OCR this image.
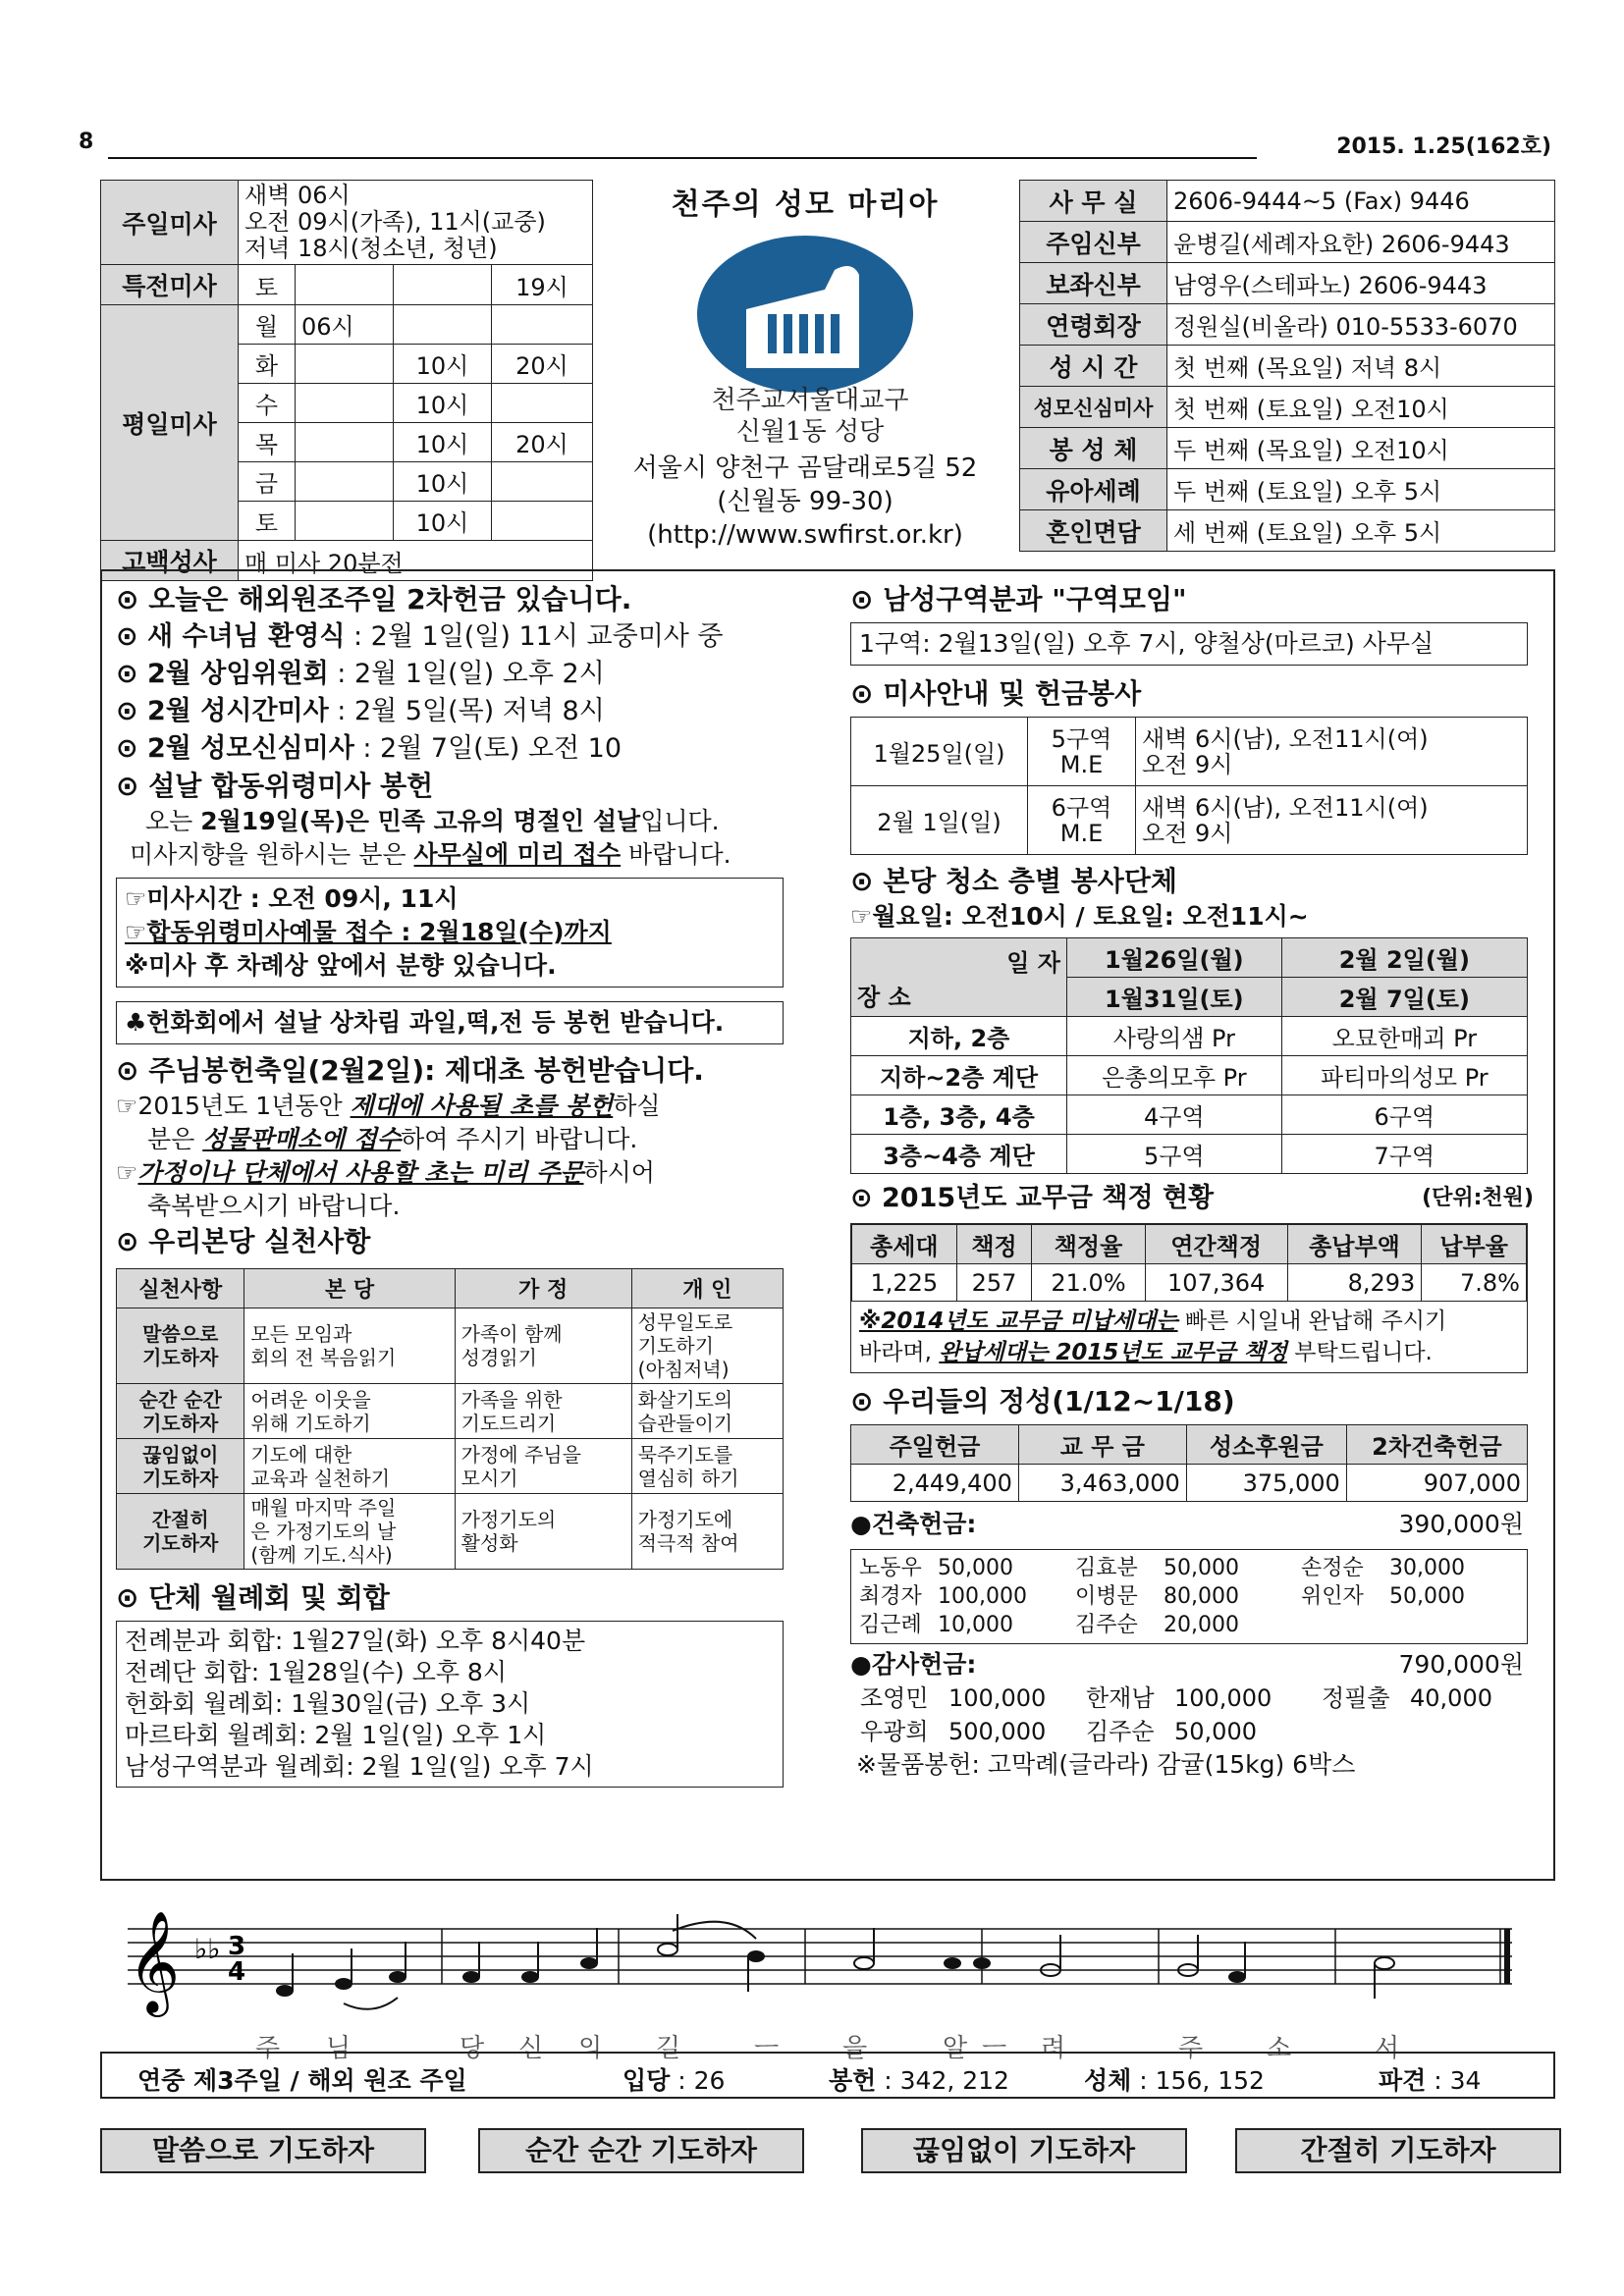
8	2015. 1.25(162호)
주일미사	새벽 06시
오전 09시(가족), 11시(교중)
저녁 18시(청소년, 청년)			

특전미사	토			19시
평일미사	월	06시		
	화		10시	20시
	수		10시	
	목		10시	20시
	금		10시	
	토		10시	
고백성사	매 미사 20분전			
천주의 성모 마리아
천주교서울대교구
신월1동 성당
서울시 양천구 곰달래로5길 52
(신월동 99-30)
(http://www.swfirst.or.kr)
사 무 실	2606-9444~5 (Fax) 9446
주임신부	윤병길(세례자요한) 2606-9443
보좌신부	남영우(스테파노) 2606-9443
연령회장	정원실(비올라) 010-5533-6070
성 시 간	첫 번째 (목요일) 저녁 8시
성모신심미사	첫 번째 (토요일) 오전10시
봉 성 체	두 번째 (목요일) 오전10시
유아세례	두 번째 (토요일) 오후 5시
혼인면담	세 번째 (토요일) 오후 5시
⊙ 오늘은 해외원조주일 2차헌금 있습니다.
⊙ 새 수녀님 환영식 : 2월 1일(일) 11시 교중미사 중
⊙ 2월 상임위원회 : 2월 1일(일) 오후 2시
⊙ 2월 성시간미사 : 2월 5일(목) 저녁 8시
⊙ 2월 성모신심미사 : 2월 7일(토) 오전 10
⊙ 설날 합동위령미사 봉헌
오는 2월19일(목)은 민족 고유의 명절인 설날입니다.
미사지향을 원하시는 분은 사무실에 미리 접수 바랍니다.
☞미사시간 : 오전 09시, 11시
☞합동위령미사예물 접수 : 2월18일(수)까지
※미사 후 차례상 앞에서 분향 있습니다.
♣헌화회에서 설날 상차림 과일,떡,전 등 봉헌 받습니다.
⊙ 주님봉헌축일(2월2일): 제대초 봉헌받습니다.
☞2015년도 1년동안 제대에 사용될 초를 봉헌하실
분은 성물판매소에 접수하여 주시기 바랍니다.
☞가정이나 단체에서 사용할 초는 미리 주문하시어
축복받으시기 바랍니다.
⊙ 우리본당 실천사항
실천사항	본 당	가 정	개 인
말씀으로
기도하자	모든 모임과
회의 전 복음읽기	가족이 함께
성경읽기	성무일도로
기도하기
(아침저녁)
순간 순간
기도하자	어려운 이웃을
위해 기도하기	가족을 위한
기도드리기	화살기도의
습관들이기
끊임없이
기도하자	기도에 대한
교육과 실천하기	가정에 주님을
모시기	묵주기도를
열심히 하기
간절히
기도하자	매월 마지막 주일
은 가정기도의 날
(함께 기도.식사)	가정기도의
활성화	가정기도에
적극적 참여
⊙ 단체 월례회 및 회합
전례분과 회합: 1월27일(화) 오후 8시40분
전례단 회합: 1월28일(수) 오후 8시
헌화회 월례회: 1월30일(금) 오후 3시
마르타회 월례회: 2월 1일(일) 오후 1시
남성구역분과 월례회: 2월 1일(일) 오후 7시
⊙ 남성구역분과 "구역모임"
1구역: 2월13일(일) 오후 7시, 양철상(마르코) 사무실
⊙ 미사안내 및 헌금봉사
1월25일(일)	5구역
M.E	새벽 6시(남), 오전11시(여)
오전 9시
2월 1일(일)	6구역
M.E	새벽 6시(남), 오전11시(여)
오전 9시
⊙ 본당 청소 층별 봉사단체
☞월요일: 오전10시 / 토요일: 오전11시~
일 자
장 소	1월26일(월)	2월 2일(월)
	1월31일(토)	2월 7일(토)
지하, 2층	사랑의샘 Pr	오묘한매괴 Pr
지하~2층 계단	은총의모후 Pr	파티마의성모 Pr
1층, 3층, 4층	4구역	6구역
3층~4층 계단	5구역	7구역
⊙ 2015년도 교무금 책정 현황	(단위:천원)
총세대	책정	책정율	연간책정	총납부액	납부율
1,225	257	21.0%	107,364	8,293	7.8%
※2014년도 교무금 미납세대는 빠른 시일내 완납해 주시기
바라며, 완납세대는 2015년도 교무금 책정 부탁드립니다.
⊙ 우리들의 정성(1/12~1/18)
주일헌금	교 무 금	성소후원금	2차건축헌금
2,449,400	3,463,000	375,000	907,000
●건축헌금:	390,000원
노동우 50,000	김효분	50,000	손정순	30,000
최경자 100,000	이병문	80,000	위인자	50,000
김근례 10,000	김주순	20,000
●감사헌금:	790,000원
조영민 100,000	한재남 100,000	정필출 40,000
우광희 500,000	김주순 50,000
※물품봉헌: 고막례(글라라) 감귤(15kg) 6박스
𝄞 ♭♭ 3
4
주 님	당 신 의 길	ㅡ 을	알 ㅡ 려	주 소	서
연중 제3주일 / 해외 원조 주일	입당 : 26	봉헌 : 342, 212	성체 : 156, 152	파견 : 34
말씀으로 기도하자	순간 순간 기도하자	끊임없이 기도하자	간절히 기도하자
